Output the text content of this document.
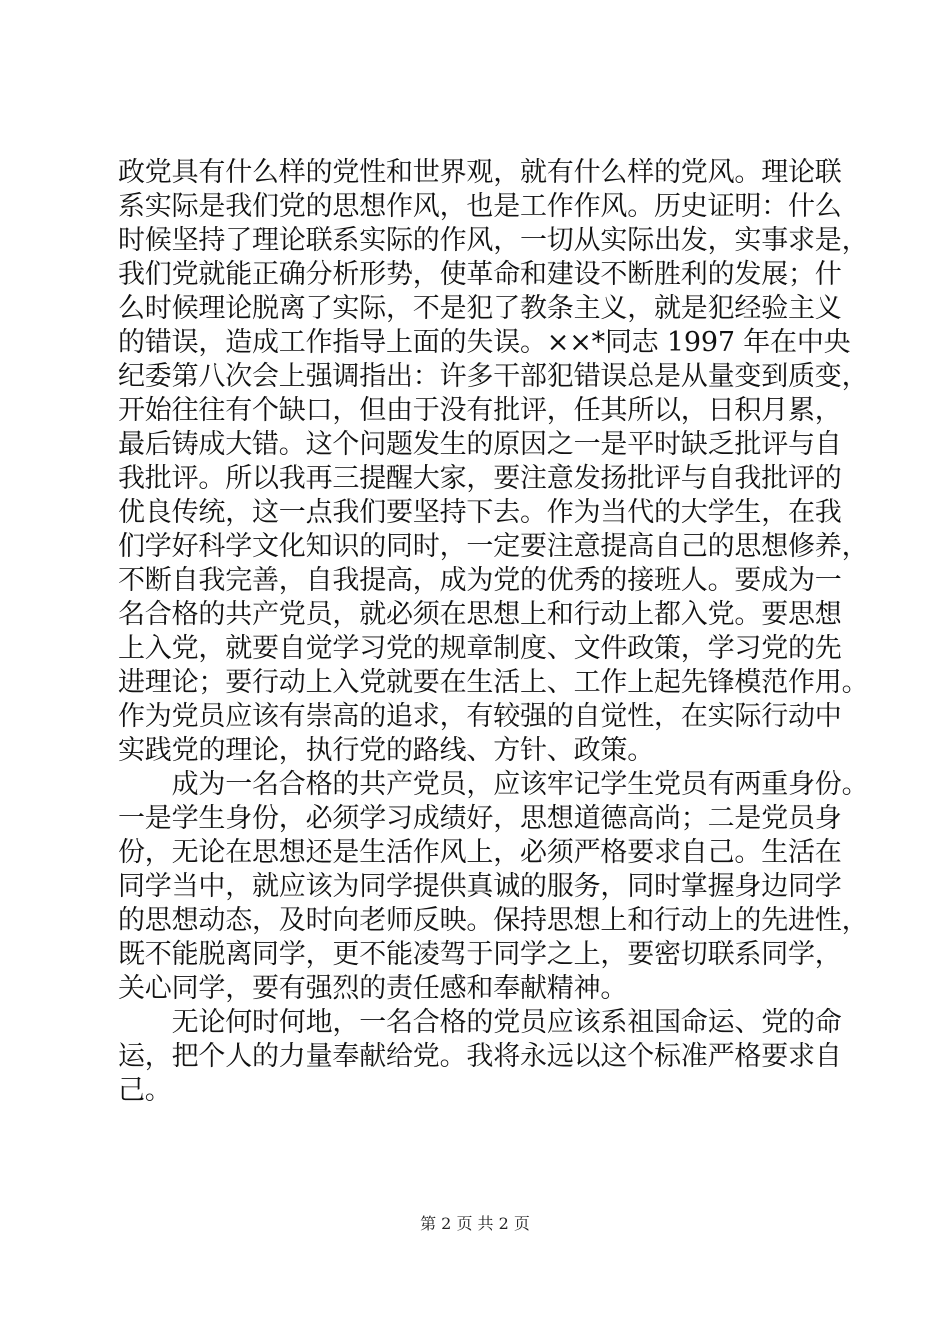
政党具有什么样的党性和世界观，就有什么样的党风。理论联
系实际是我们党的思想作风，也是工作作风。历史证明：什么
时候坚持了理论联系实际的作风，一切从实际出发，实事求是，
我们党就能正确分析形势，使革命和建设不断胜利的发展；什
么时候理论脱离了实际，不是犯了教条主义，就是犯经验主义
的错误，造成工作指导上面的失误。××*同志 1997 年在中央
纪委第八次会上强调指出：许多干部犯错误总是从量变到质变，
开始往往有个缺口，但由于没有批评，任其所以，日积月累，
最后铸成大错。这个问题发生的原因之一是平时缺乏批评与自
我批评。所以我再三提醒大家，要注意发扬批评与自我批评的
优良传统，这一点我们要坚持下去。作为当代的大学生，在我
们学好科学文化知识的同时，一定要注意提高自己的思想修养，
不断自我完善，自我提高，成为党的优秀的接班人。要成为一
名合格的共产党员，就必须在思想上和行动上都入党。要思想
上入党，就要自觉学习党的规章制度、文件政策，学习党的先
进理论；要行动上入党就要在生活上、工作上起先锋模范作用。
作为党员应该有崇高的追求，有较强的自觉性，在实际行动中
实践党的理论，执行党的路线、方针、政策。
　　成为一名合格的共产党员，应该牢记学生党员有两重身份。
一是学生身份，必须学习成绩好，思想道德高尚；二是党员身
份，无论在思想还是生活作风上，必须严格要求自己。生活在
同学当中，就应该为同学提供真诚的服务，同时掌握身边同学
的思想动态，及时向老师反映。保持思想上和行动上的先进性，
既不能脱离同学，更不能凌驾于同学之上，要密切联系同学，
关心同学，要有强烈的责任感和奉献精神。
　　无论何时何地，一名合格的党员应该系祖国命运、党的命
运，把个人的力量奉献给党。我将永远以这个标准严格要求自
己。
第 2 页 共 2 页
